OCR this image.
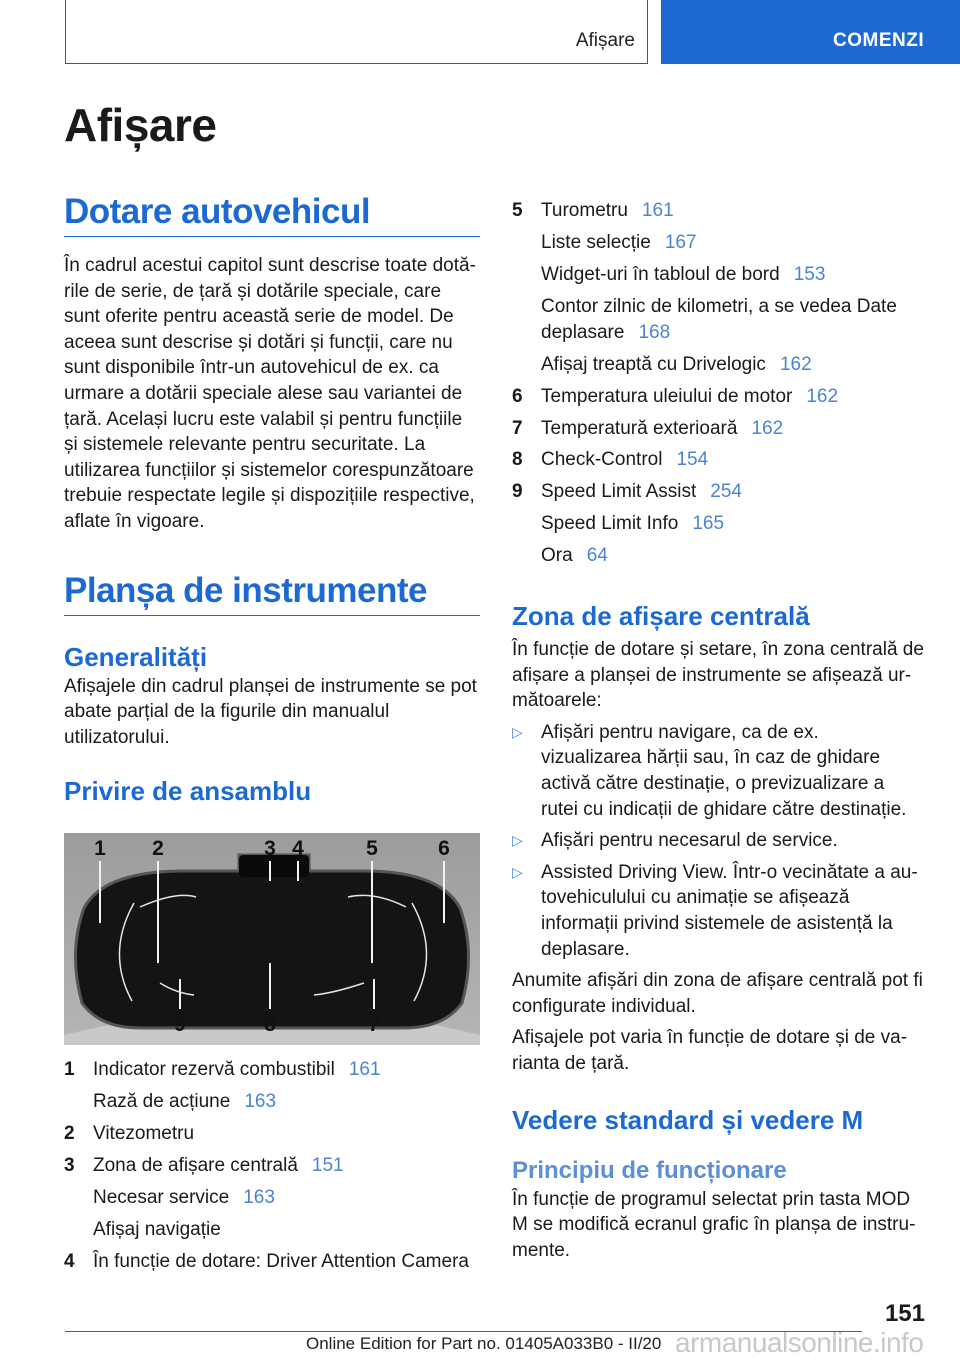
Afișare	COMENZI
Afișare
Dotare autovehicul

În cadrul acestui capitol sunt descrise toate dotările de serie, de țară și dotările speciale, care sunt oferite pentru această serie de model. De aceea sunt descrise și dotări și funcții, care nu sunt disponibile într-un autovehicul de ex. ca urmare a dotării speciale alese sau variantei de țară. Același lucru este valabil și pentru funcțiile și sistemele relevante pentru securitate. La utilizarea funcțiilor și sistemelor corespunzătoare trebuie respectate legile și dispozițiile respective, aflate în vigoare.

Planșa de instrumente
Generalități

Afișajele din cadrul planșei de instrumente se pot abate parțial de la figurile din manualul utilizatorului.

Privire de ansamblu
1 2	3 4	5	6
9	8	7
1 Indicator rezervă combustibil 161
Rază de acțiune 163
2 Vitezometru
3 Zona de afișare centrală 151
Necesar service 163
Afișaj navigație
4 În funcție de dotare: Driver Attention Camera
5 Turometru 161
Liste selecție 167
Widget-uri în tabloul de bord 153
Contor zilnic de kilometri, a se vedea Date deplasare 168
Afișaj treaptă cu Drivelogic 162
6 Temperatura uleiului de motor 162
7 Temperatură exterioară 162
8 Check-Control 154
9 Speed Limit Assist 254
Speed Limit Info 165
Ora 64
Zona de afișare centrală

În funcție de dotare și setare, în zona centrală de afișare a planșei de instrumente se afișează următoarele:

▷ Afișări pentru navigare, ca de ex. vizualizarea hărții sau, în caz de ghidare activă către destinație, o previzualizare a rutei cu indicații de ghidare către destinație.
▷ Afișări pentru necesarul de service.
▷ Assisted Driving View. Într-o vecinătate a autovehiculului cu animație se afișează informații privind sistemele de asistență la deplasare.

Anumite afișări din zona de afișare centrală pot fi configurate individual.

Afișajele pot varia în funcție de dotare și de varianta de țară.

Vedere standard și vedere M
Principiu de funcționare

În funcție de programul selectat prin tasta MOD M se modifică ecranul grafic în planșa de instrumente.

151
armanualsonline.info
Online Edition for Part no. 01405A033B0 - II/20
